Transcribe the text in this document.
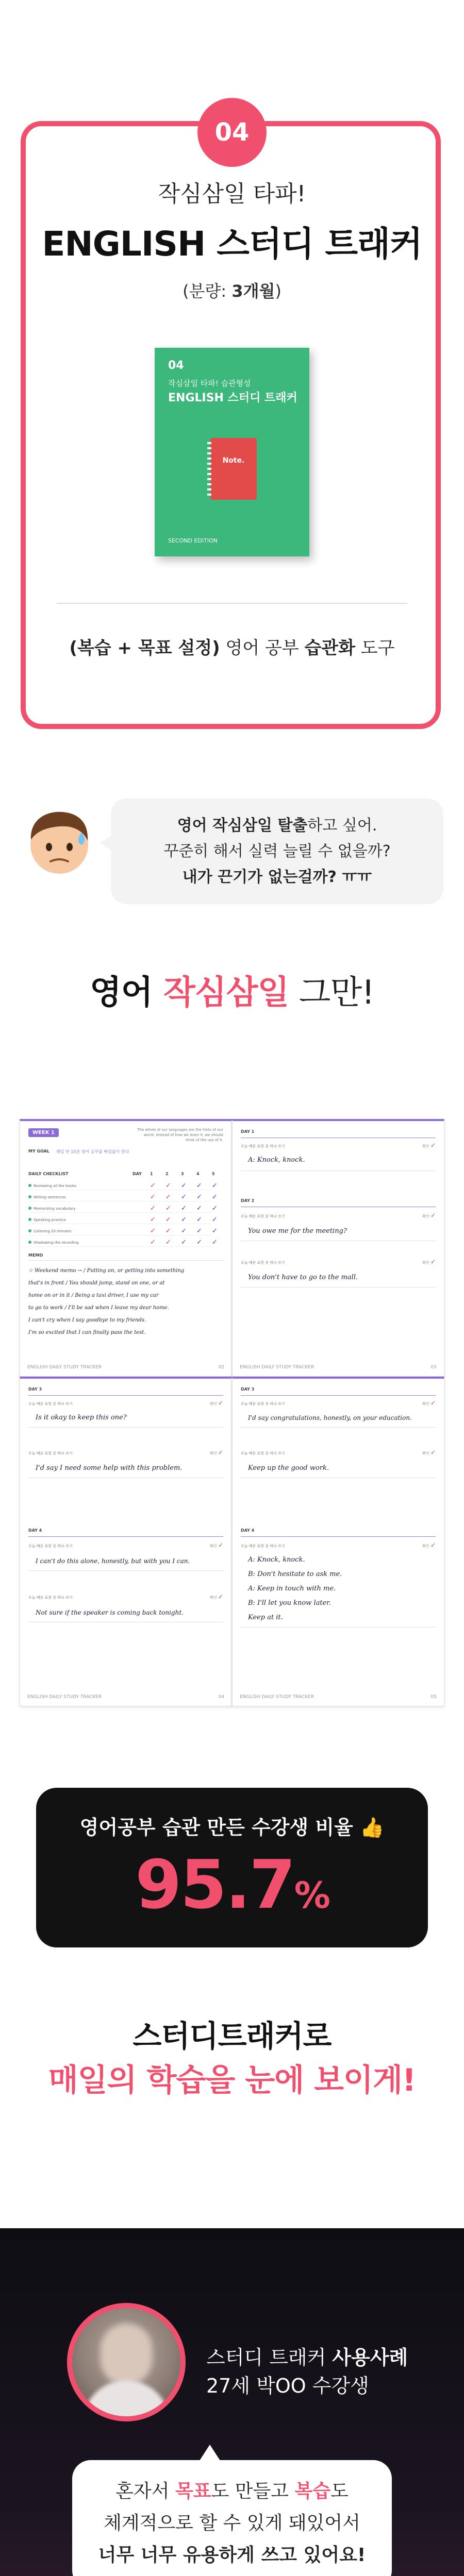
04
작심삼일 타파!
ENGLISH 스터디 트래커
(분량: 3개월)
04
작심삼일 타파! 습관형성
ENGLISH 스터디 트래커
Note.
SECOND EDITION
(복습 + 목표 설정) 영어 공부 습관화 도구

영어 작심삼일 탈출하고 싶어.

꾸준히 해서 실력 늘릴 수 없을까?

내가 끈기가 없는걸까? ㅠㅠ

영어 작심삼일 그만!
WEEK 1	The whole of our languages are the hints of our world. Instead of how we learn it, we should think of the use of it.
MY GOAL 매일 단 15분 영어 공부를 빠짐없이 한다
DAILY CHECKLIST	DAY 1	2	3	4	5
Reviewing all the books	✓ ✓ ✓ ✓ ✓
Writing sentences	✓ ✓ ✓ ✓ ✓
Memorizing vocabulary	✓ ✓ ✓ ✓ ✓
Speaking practice	✓ ✓ ✓ ✓ ✓
Listening 20 minutes	✓ ✓ ✓ ✓ ✓
Shadowing the recording	✓ ✓ ✓ ✓ ✓
MEMO
☆ Weekend memo → / Putting on, or getting into something
that's in front / You should jump, stand on one, or at
home on or in it / Being a taxi driver, I use my car
to go to work / I'll be sad when I leave my dear home.
I can't cry when I say goodbye to my friends.
I'm so excited that I can finally pass the test.
ENGLISH DAILY STUDY TRACKER	02
DAY 1
오늘 배운 표현 중 하나 쓰기	확인 ✓
A: Knock, knock.
DAY 2
오늘 배운 표현 중 하나 쓰기	확인 ✓
You owe me for the meeting?
오늘 배운 표현 중 하나 쓰기	확인 ✓
You don't have to go to the mall.
ENGLISH DAILY STUDY TRACKER	03
DAY 3
오늘 배운 표현 중 하나 쓰기	확인 ✓
Is it okay to keep this one?
오늘 배운 표현 중 하나 쓰기	확인 ✓
I'd say I need some help with this problem.
DAY 4
오늘 배운 표현 중 하나 쓰기	확인 ✓
I can't do this alone, honestly, but with you I can.
오늘 배운 표현 중 하나 쓰기	확인 ✓
Not sure if the speaker is coming back tonight.
ENGLISH DAILY STUDY TRACKER	04
DAY 3
오늘 배운 표현 중 하나 쓰기	확인 ✓
I'd say congratulations, honestly, on your education.
오늘 배운 표현 중 하나 쓰기	확인 ✓
Keep up the good work.
DAY 4
오늘 배운 표현 중 하나 쓰기	확인 ✓
A: Knock, knock.
B: Don't hesitate to ask me.
A: Keep in touch with me.
B: I'll let you know later.
Keep at it.
ENGLISH DAILY STUDY TRACKER	05
영어공부 습관 만든 수강생 비율 👍
95.7%
스터디트래커로
매일의 학습을 눈에 보이게!
스터디 트래커 사용사례
27세 박OO 수강생

혼자서 목표도 만들고 복습도

체계적으로 할 수 있게 돼있어서

너무 너무 유용하게 쓰고 있어요!
